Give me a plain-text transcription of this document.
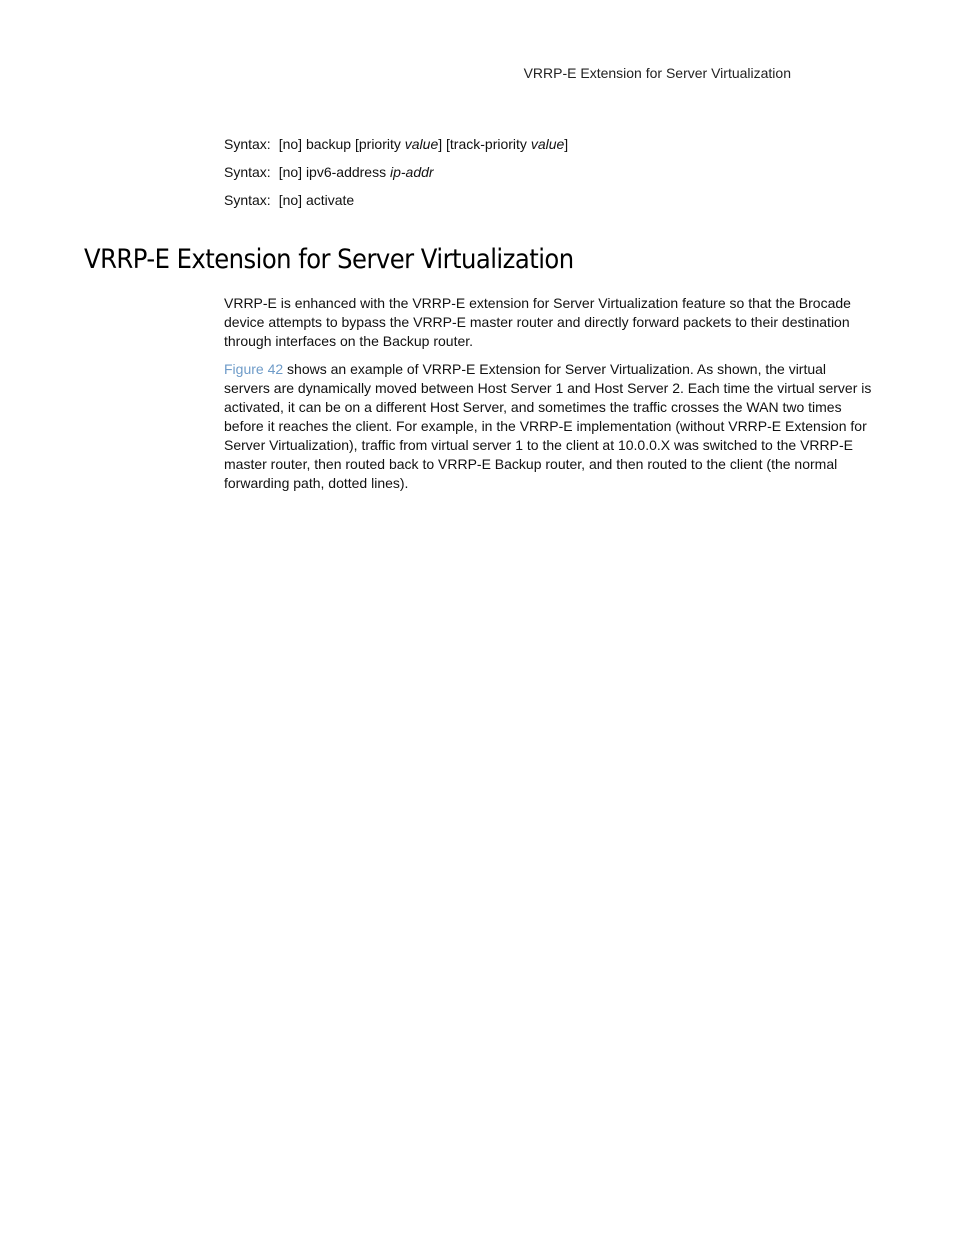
VRRP-E Extension for Server Virtualization
Syntax: [no] backup [priority value] [track-priority value]
Syntax: [no] ipv6-address ip-addr
Syntax: [no] activate
VRRP-E Extension for Server Virtualization

VRRP-E is enhanced with the VRRP-E extension for Server Virtualization feature so that the Brocade device attempts to bypass the VRRP-E master router and directly forward packets to their destination through interfaces on the Backup router.

Figure 42 shows an example of VRRP-E Extension for Server Virtualization. As shown, the virtual servers are dynamically moved between Host Server 1 and Host Server 2. Each time the virtual server is activated, it can be on a different Host Server, and sometimes the traffic crosses the WAN two times before it reaches the client. For example, in the VRRP-E implementation (without VRRP-E Extension for Server Virtualization), traffic from virtual server 1 to the client at 10.0.0.X was switched to the VRRP-E master router, then routed back to VRRP-E Backup router, and then routed to the client (the normal forwarding path, dotted lines).
